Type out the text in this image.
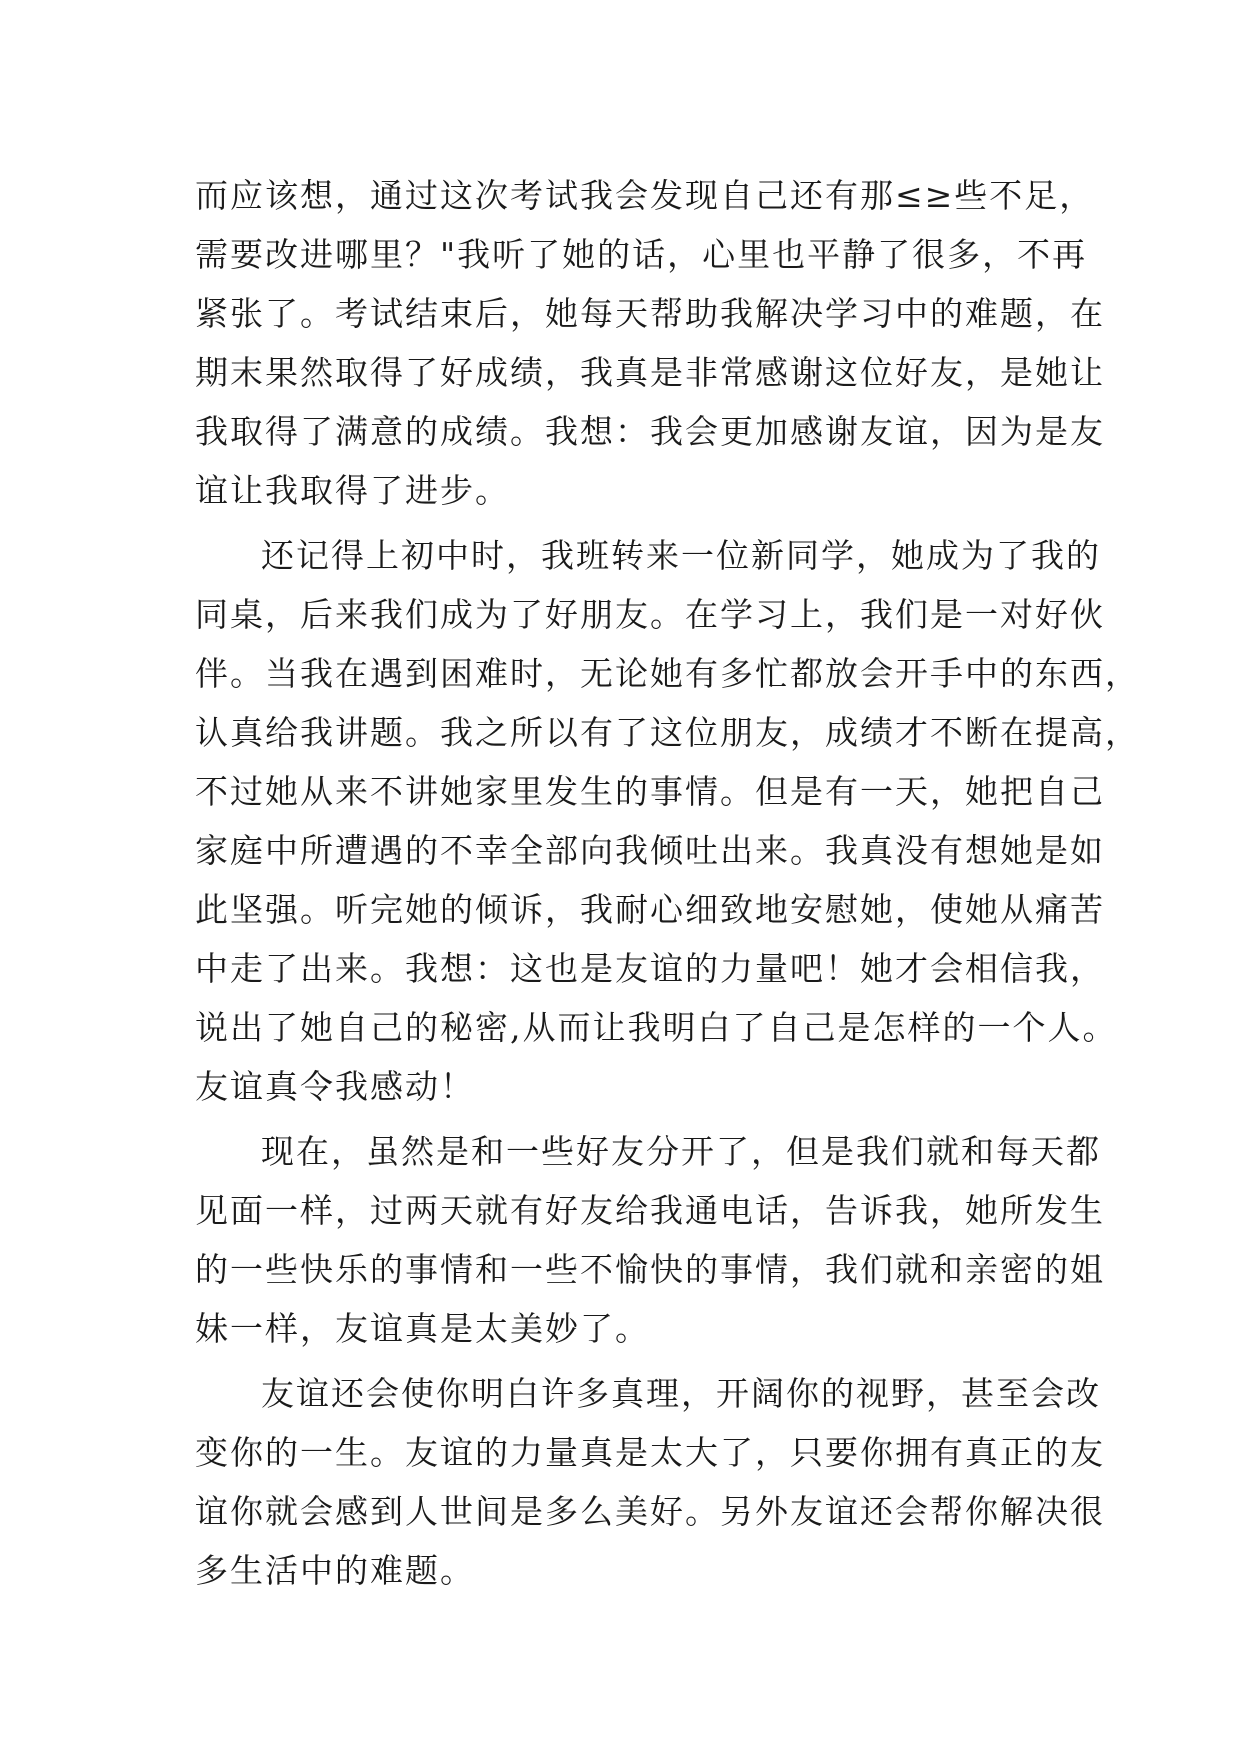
而应该想，通过这次考试我会发现自己还有那≤≥些不足，
需要改进哪里？"我听了她的话，心里也平静了很多，不再
紧张了。考试结束后，她每天帮助我解决学习中的难题，在
期末果然取得了好成绩，我真是非常感谢这位好友，是她让
我取得了满意的成绩。我想：我会更加感谢友谊，因为是友
谊让我取得了进步。
还记得上初中时，我班转来一位新同学，她成为了我的
同桌，后来我们成为了好朋友。在学习上，我们是一对好伙
伴。当我在遇到困难时，无论她有多忙都放会开手中的东西，
认真给我讲题。我之所以有了这位朋友，成绩才不断在提高，
不过她从来不讲她家里发生的事情。但是有一天，她把自己
家庭中所遭遇的不幸全部向我倾吐出来。我真没有想她是如
此坚强。听完她的倾诉，我耐心细致地安慰她，使她从痛苦
中走了出来。我想：这也是友谊的力量吧！她才会相信我，
说出了她自己的秘密,从而让我明白了自己是怎样的一个人。
友谊真令我感动！
现在，虽然是和一些好友分开了，但是我们就和每天都
见面一样，过两天就有好友给我通电话，告诉我，她所发生
的一些快乐的事情和一些不愉快的事情，我们就和亲密的姐
妹一样，友谊真是太美妙了。
友谊还会使你明白许多真理，开阔你的视野，甚至会改
变你的一生。友谊的力量真是太大了，只要你拥有真正的友
谊你就会感到人世间是多么美好。另外友谊还会帮你解决很
多生活中的难题。
